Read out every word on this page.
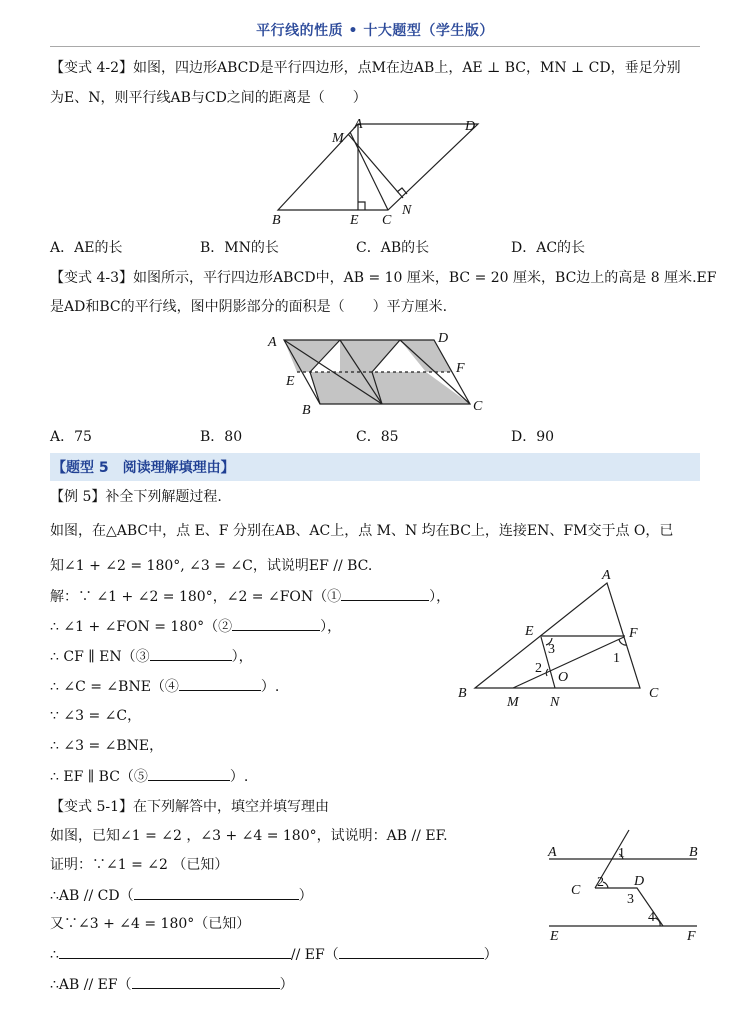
平行线的性质 • 十大题型（学生版）
【变式 4-2】如图，四边形ABCD是平行四边形，点M在边AB上，AE ⊥ BC，MN ⊥ CD，垂足分别
为E、N，则平行线AB与CD之间的距离是（　　）
M
A	D
B	E C
N
A．AE的长	B．MN的长	C．AB的长	D．AC的长
【变式 4-3】如图所示，平行四边形ABCD中，AB = 10 厘米，BC = 20 厘米，BC边上的高是 8 厘米.EF
是AD和BC的平行线，图中阴影部分的面积是（　　）平方厘米.
A	D
E
F
B	C
A．75	B．80	C．85	D．90
【题型 5　阅读理解填理由】
【例 5】补全下列解题过程.
如图，在△ABC中，点 E、F 分别在AB、AC上，点 M、N 均在BC上，连接EN、FM交于点 O，已
知∠1 + ∠2 = 180°, ∠3 = ∠C，试说明EF // BC.
解：∵ ∠1 + ∠2 = 180°，∠2 = ∠FON（①	），
∴ ∠1 + ∠FON = 180°（②	），
∴ CF ∥ EN（③	），
∴ ∠C = ∠BNE（④	）.
∵ ∠3 = ∠C，
∴ ∠3 = ∠BNE，
∴ EF ∥ BC（⑤	）.
A
E	F
3
1
2
O
B
M N
C
【变式 5-1】在下列解答中，填空并填写理由
如图，已知∠1 = ∠2 ，∠3 + ∠4 = 180°，试说明：AB // EF.
证明：∵∠1 = ∠2 （已知）
∴AB // CD（	）
又∵∠3 + ∠4 = 180°（已知）
∴	// EF（	）
∴AB // EF（	）
A	1	B
C
2 D
3
4
E	F
